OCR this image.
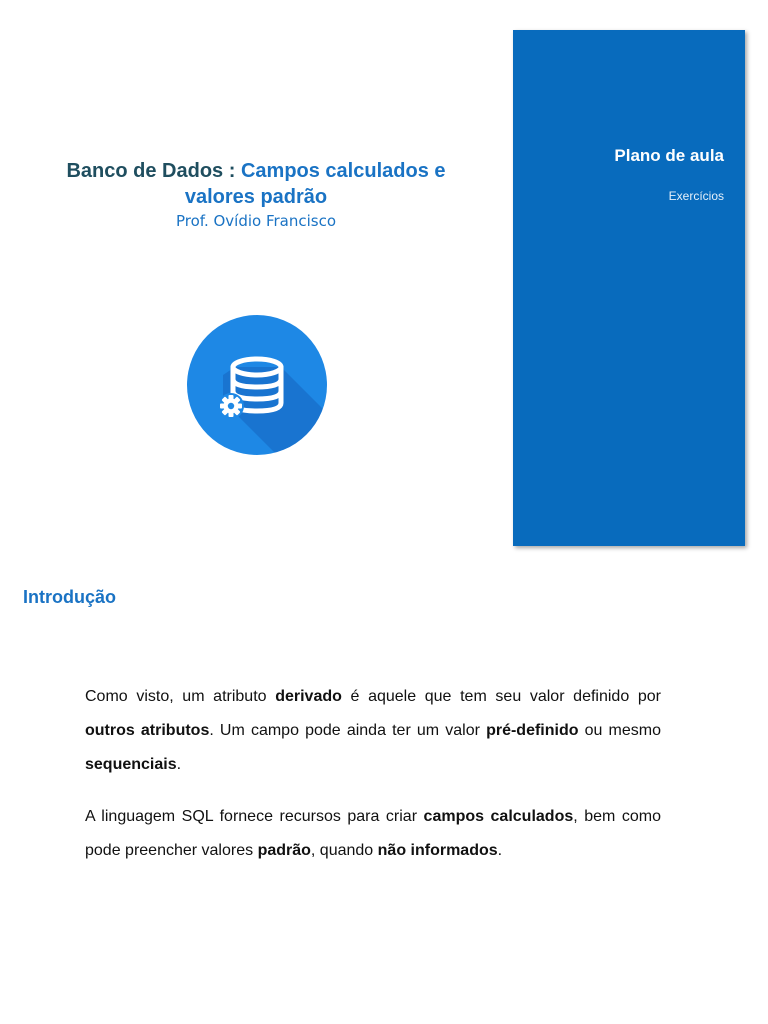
Banco de Dados : Campos calculados e valores padrão
Prof. Ovídio Francisco
Plano de aula
Exercícios
Introdução

Como visto, um atributo derivado é aquele que tem seu valor definido por outros atributos. Um campo pode ainda ter um valor pré-definido ou mesmo sequenciais.

A linguagem SQL fornece recursos para criar campos calculados, bem como pode preencher valores padrão, quando não informados.
